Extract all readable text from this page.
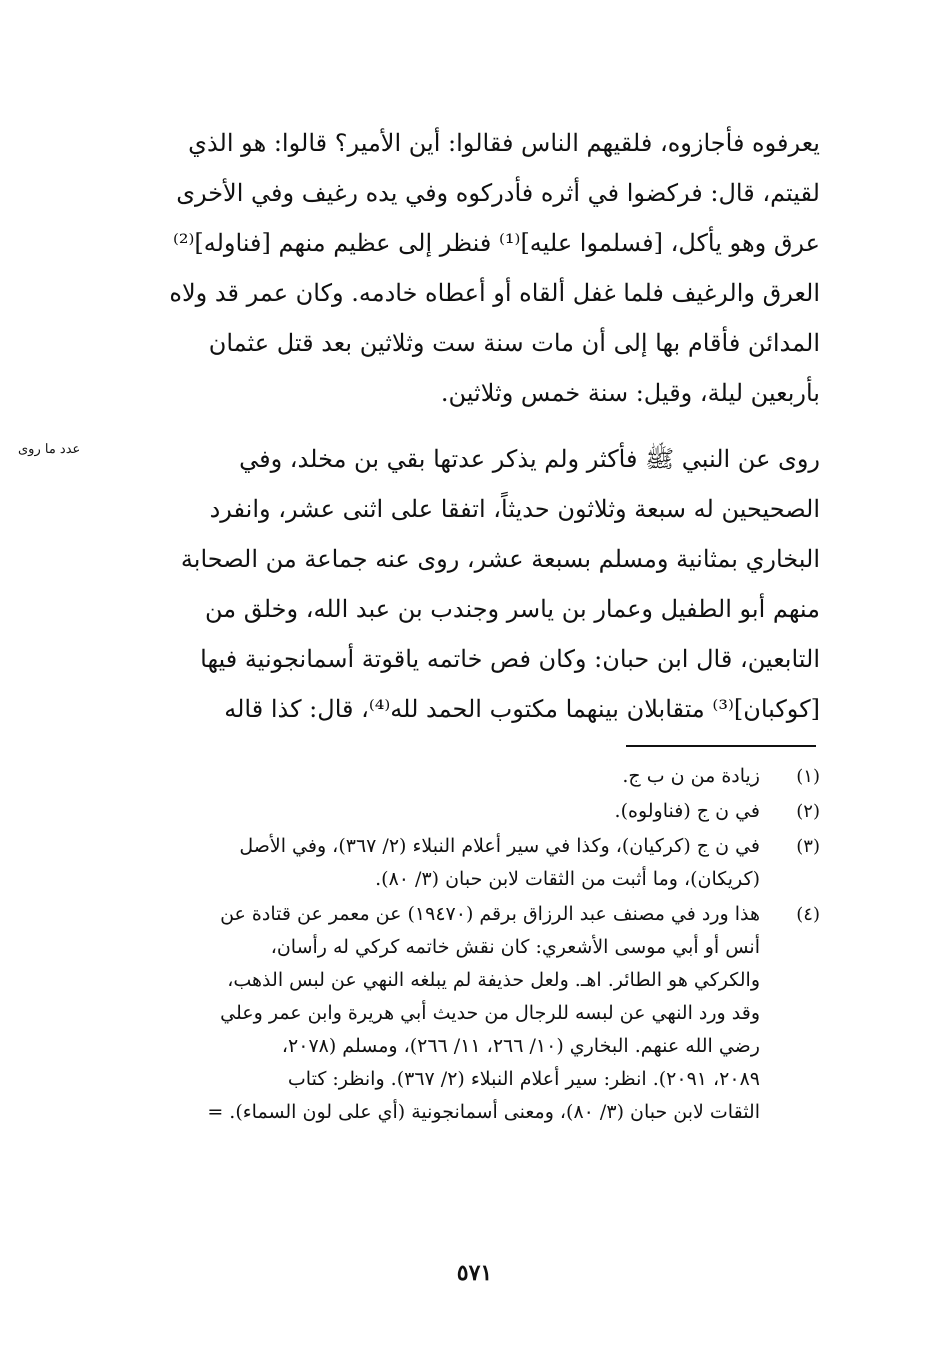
يعرفوه فأجازوه، فلقيهم الناس فقالوا: أين الأمير؟ قالوا: هو الذي
لقيتم، قال: فركضوا في أثره فأدركوه وفي يده رغيف وفي الأخرى
عرق وهو يأكل، [فسلموا عليه]⁽¹⁾ فنظر إلى عظيم منهم [فناوله]⁽²⁾
العرق والرغيف فلما غفل ألقاه أو أعطاه خادمه. وكان عمر قد ولاه
المدائن فأقام بها إلى أن مات سنة ست وثلاثين بعد قتل عثمان
بأربعين ليلة، وقيل: سنة خمس وثلاثين.
روى عن النبي ﷺ فأكثر ولم يذكر عدتها بقي بن مخلد، وفي
الصحيحين له سبعة وثلاثون حديثاً، اتفقا على اثنى عشر، وانفرد
البخاري بمثانية ومسلم بسبعة عشر، روى عنه جماعة من الصحابة
منهم أبو الطفيل وعمار بن ياسر وجندب بن عبد الله، وخلق من
التابعين، قال ابن حبان: وكان فص خاتمه ياقوتة أسمانجونية فيها
[كوكبان]⁽³⁾ متقابلان بينهما مكتوب الحمد لله⁽⁴⁾، قال: كذا قاله
عدد ما روى
(١)
زيادة من ن ب ج.
(٢)
في ن ج (فناولوه).
(٣)
في ن ج (كركيان)، وكذا في سير أعلام النبلاء (٢/ ٣٦٧)، وفي الأصل
(كريكان)، وما أثبت من الثقات لابن حبان (٣/ ٨٠).
(٤)
هذا ورد في مصنف عبد الرزاق برقم (١٩٤٧٠) عن معمر عن قتادة عن
أنس أو أبي موسى الأشعري: كان نقش خاتمه كركي له رأسان،
والكركي هو الطائر. اهـ. ولعل حذيفة لم يبلغه النهي عن لبس الذهب،
وقد ورد النهي عن لبسه للرجال من حديث أبي هريرة وابن عمر وعلي
رضي الله عنهم. البخاري (١٠/ ٢٦٦، ١١/ ٢٦٦)، ومسلم (٢٠٧٨،
٢٠٨٩، ٢٠٩١). انظر: سير أعلام النبلاء (٢/ ٣٦٧). وانظر: كتاب
الثقات لابن حبان (٣/ ٨٠)، ومعنى أسمانجونية (أي على لون السماء). =
٥٧١
